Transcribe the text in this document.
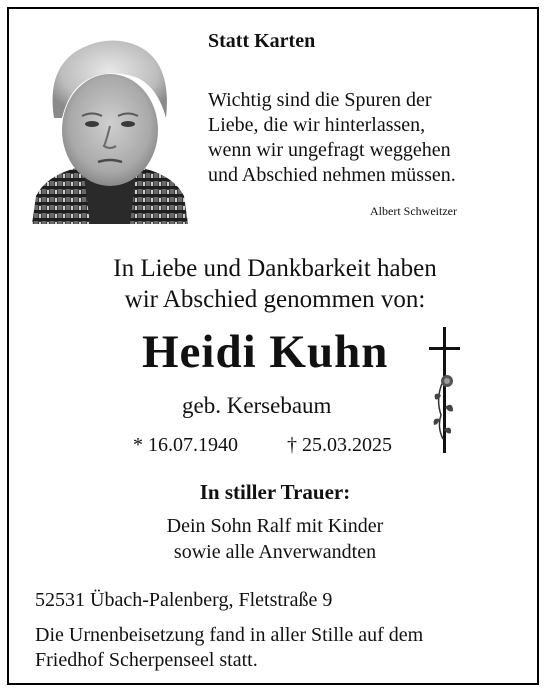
Statt Karten
Wichtig sind die Spuren der
Liebe, die wir hinterlassen,
wenn wir ungefragt weggehen
und Abschied nehmen müssen.
Albert Schweitzer
In Liebe und Dankbarkeit haben
wir Abschied genommen von:
Heidi Kuhn
geb. Kersebaum
* 16.07.1940 † 25.03.2025
In stiller Trauer:
Dein Sohn Ralf mit Kinder
sowie alle Anverwandten
52531 Übach-Palenberg, Fletstraße 9
Die Urnenbeisetzung fand in aller Stille auf dem
Friedhof Scherpenseel statt.
